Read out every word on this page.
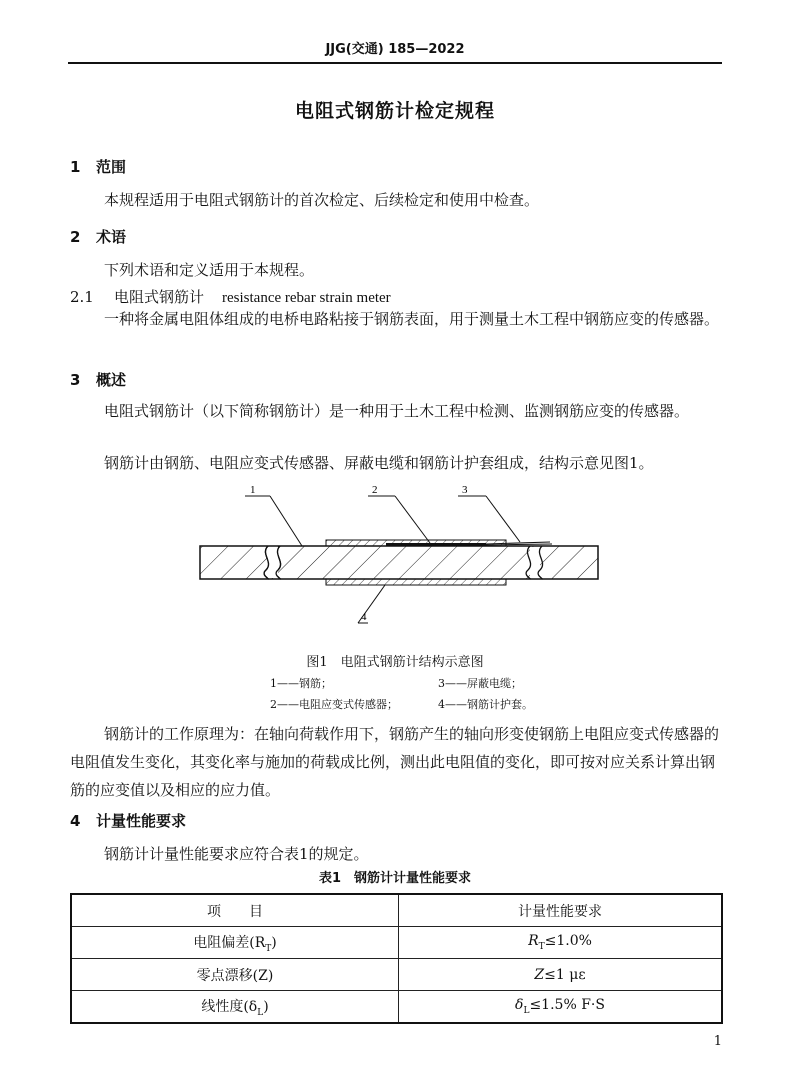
JJG(交通) 185—2022
电阻式钢筋计检定规程
1 范围
本规程适用于电阻式钢筋计的首次检定、后续检定和使用中检查。
2 术语
下列术语和定义适用于本规程。
2.1 电阻式钢筋计 resistance rebar strain meter
一种将金属电阻体组成的电桥电路粘接于钢筋表面，用于测量土木工程中钢筋应变的传感器。
3 概述
电阻式钢筋计（以下简称钢筋计）是一种用于土木工程中检测、监测钢筋应变的传感器。
钢筋计由钢筋、电阻应变式传感器、屏蔽电缆和钢筋计护套组成，结构示意见图1。
1	2	3
4
图1　电阻式钢筋计结构示意图
1——钢筋；	3——屏蔽电缆；
2——电阻应变式传感器；	4——钢筋计护套。
钢筋计的工作原理为：在轴向荷载作用下，钢筋产生的轴向形变使钢筋上电阻应变式传感器的电阻值发生变化，其变化率与施加的荷载成比例，测出此电阻值的变化，即可按对应关系计算出钢筋的应变值以及相应的应力值。
4 计量性能要求
钢筋计计量性能要求应符合表1的规定。
表1　钢筋计计量性能要求
项　　目	计量性能要求
电阻偏差$(R_T)$	$R_T\le 1.0\%$
零点漂移(Z)	Z≤1 με
线性度$(\delta_L)$	$\delta_L\le 1.5\%$ F·S
1
